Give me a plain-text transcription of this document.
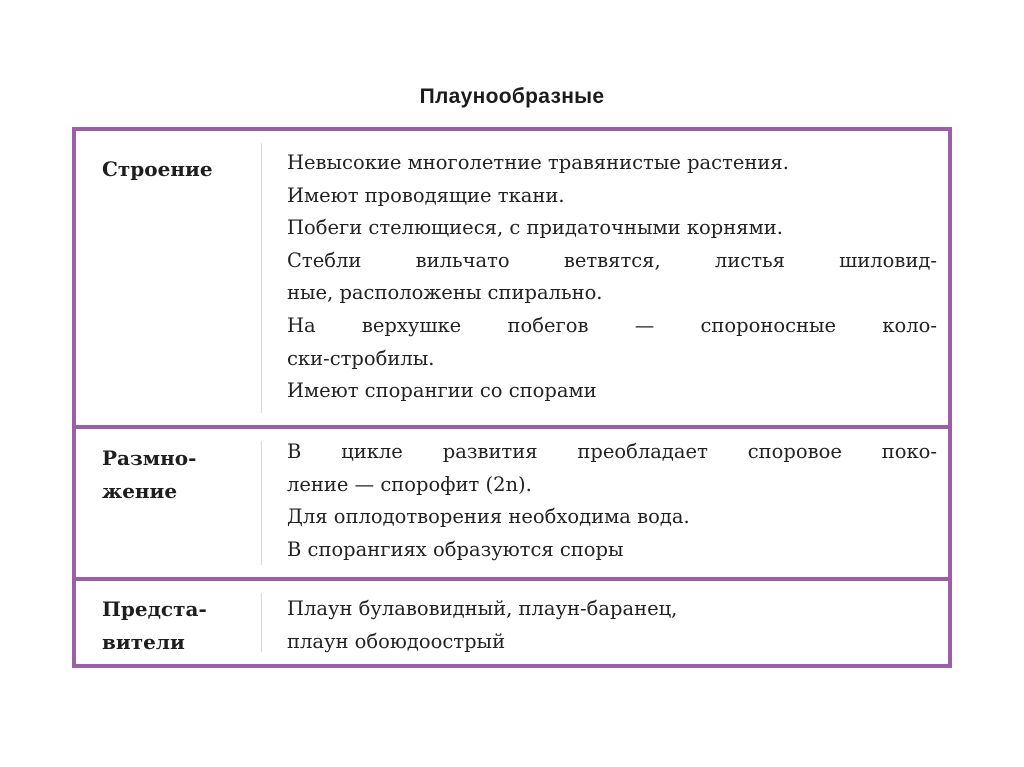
Плаунообразные
Строение	Невысокие многолетние травянистые растения.
Имеют проводящие ткани.
Побеги стелющиеся, с придаточными корнями.
Стебли вильчато ветвятся, листья шиловид-
ные, расположены спирально.
На верхушке побегов — спороносные коло-
ски-стробилы.
Имеют спорангии со спорами
Размно-
жение
В цикле развития преобладает споровое поко-
ление — спорофит (2n).
Для оплодотворения необходима вода.
В спорангиях образуются споры
Предста-
вители
Плаун булавовидный, плаун-баранец,
плаун обоюдоострый
